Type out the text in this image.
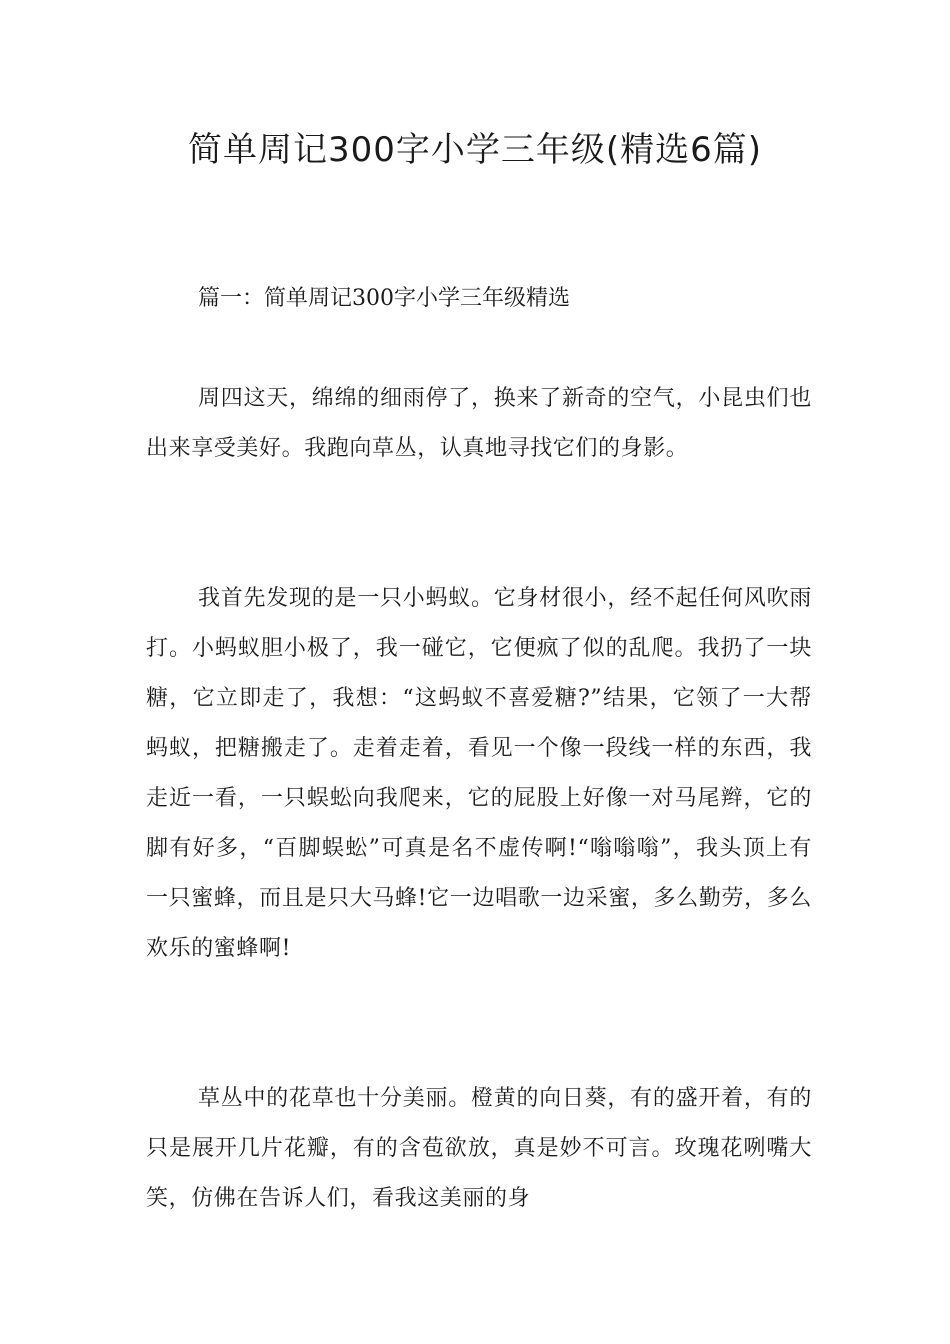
简单周记300字小学三年级(精选6篇)
篇一：简单周记300字小学三年级精选

周四这天，绵绵的细雨停了，换来了新奇的空气，小昆虫们也出来享受美好。我跑向草丛，认真地寻找它们的身影。

我首先发现的是一只小蚂蚁。它身材很小，经不起任何风吹雨打。小蚂蚁胆小极了，我一碰它，它便疯了似的乱爬。我扔了一块糖，它立即走了，我想：“这蚂蚁不喜爱糖?”结果，它领了一大帮蚂蚁，把糖搬走了。走着走着，看见一个像一段线一样的东西，我走近一看，一只蜈蚣向我爬来，它的屁股上好像一对马尾辫，它的脚有好多，“百脚蜈蚣”可真是名不虚传啊!“嗡嗡嗡”，我头顶上有一只蜜蜂，而且是只大马蜂!它一边唱歌一边采蜜，多么勤劳，多么欢乐的蜜蜂啊!

草丛中的花草也十分美丽。橙黄的向日葵，有的盛开着，有的只是展开几片花瓣，有的含苞欲放，真是妙不可言。玫瑰花咧嘴大笑，仿佛在告诉人们，看我这美丽的身
